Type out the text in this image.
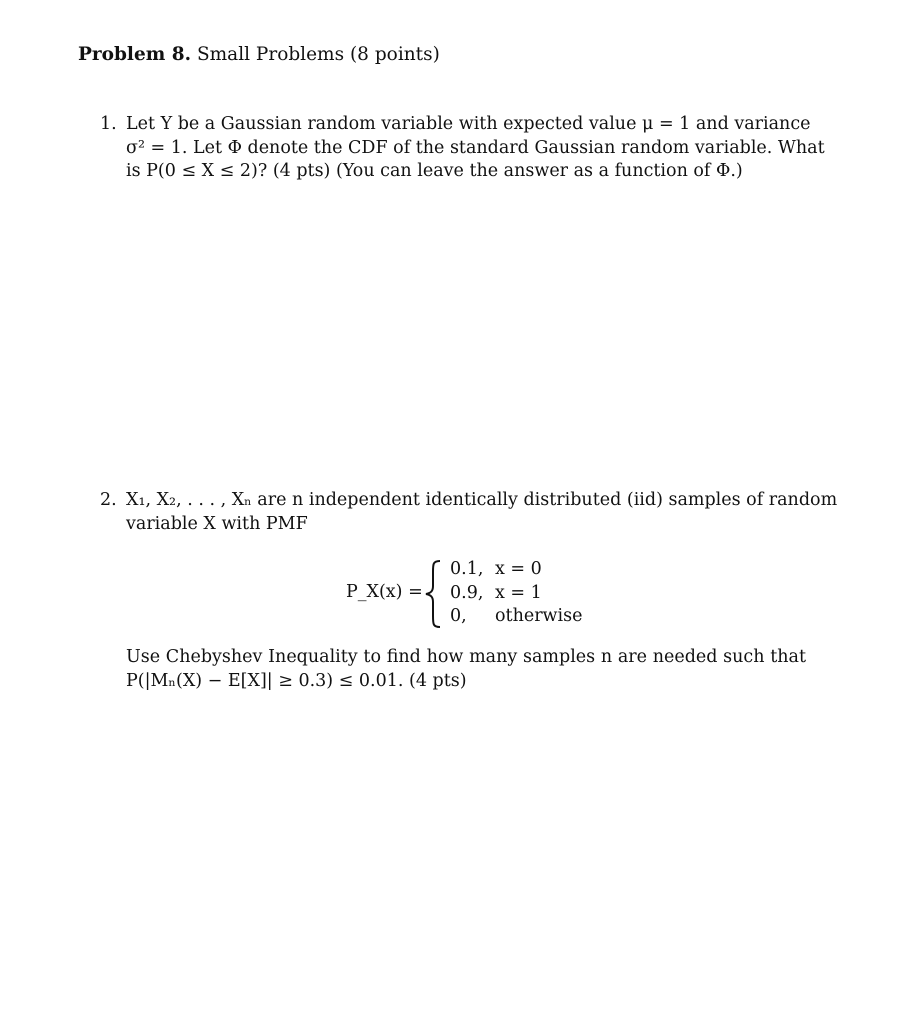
Problem 8. Small Problems (8 points)
1. Let Y be a Gaussian random variable with expected value μ = 1 and variance
σ² = 1. Let Φ denote the CDF of the standard Gaussian random variable. What
is P(0 ≤ X ≤ 2)? (4 pts) (You can leave the answer as a function of Φ.)
2. X₁, X₂, . . . , Xₙ are n independent identically distributed (iid) samples of random
variable X with PMF
P_X(x) =
0.1, x = 0
0.9, x = 1
0, otherwise
Use Chebyshev Inequality to find how many samples n are needed such that
P(|Mₙ(X) − E[X]| ≥ 0.3) ≤ 0.01. (4 pts)
